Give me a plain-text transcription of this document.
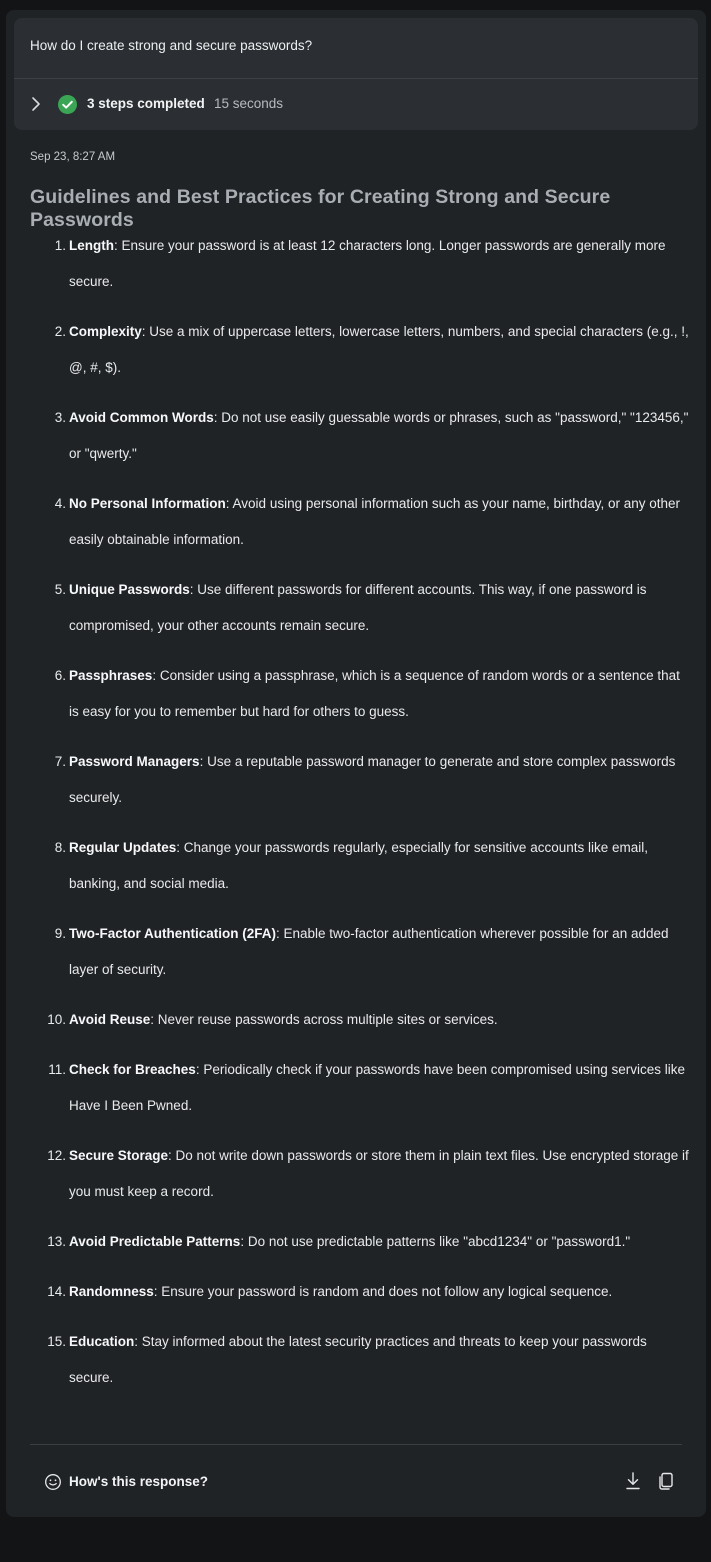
How do I create strong and secure passwords?
3 steps completed 15 seconds
Sep 23, 8:27 AM
Guidelines and Best Practices for Creating Strong and Secure Passwords
1. Length: Ensure your password is at least 12 characters long. Longer passwords are generally more secure.
2. Complexity: Use a mix of uppercase letters, lowercase letters, numbers, and special characters (e.g., !, @, #, $).
3. Avoid Common Words: Do not use easily guessable words or phrases, such as "password," "123456," or "qwerty."
4. No Personal Information: Avoid using personal information such as your name, birthday, or any other easily obtainable information.
5. Unique Passwords: Use different passwords for different accounts. This way, if one password is compromised, your other accounts remain secure.
6. Passphrases: Consider using a passphrase, which is a sequence of random words or a sentence that is easy for you to remember but hard for others to guess.
7. Password Managers: Use a reputable password manager to generate and store complex passwords securely.
8. Regular Updates: Change your passwords regularly, especially for sensitive accounts like email, banking, and social media.
9. Two-Factor Authentication (2FA): Enable two-factor authentication wherever possible for an added layer of security.
10. Avoid Reuse: Never reuse passwords across multiple sites or services.
11. Check for Breaches: Periodically check if your passwords have been compromised using services like Have I Been Pwned.
12. Secure Storage: Do not write down passwords or store them in plain text files. Use encrypted storage if you must keep a record.
13. Avoid Predictable Patterns: Do not use predictable patterns like "abcd1234" or "password1."
14. Randomness: Ensure your password is random and does not follow any logical sequence.
15. Education: Stay informed about the latest security practices and threats to keep your passwords secure.
How's this response?
